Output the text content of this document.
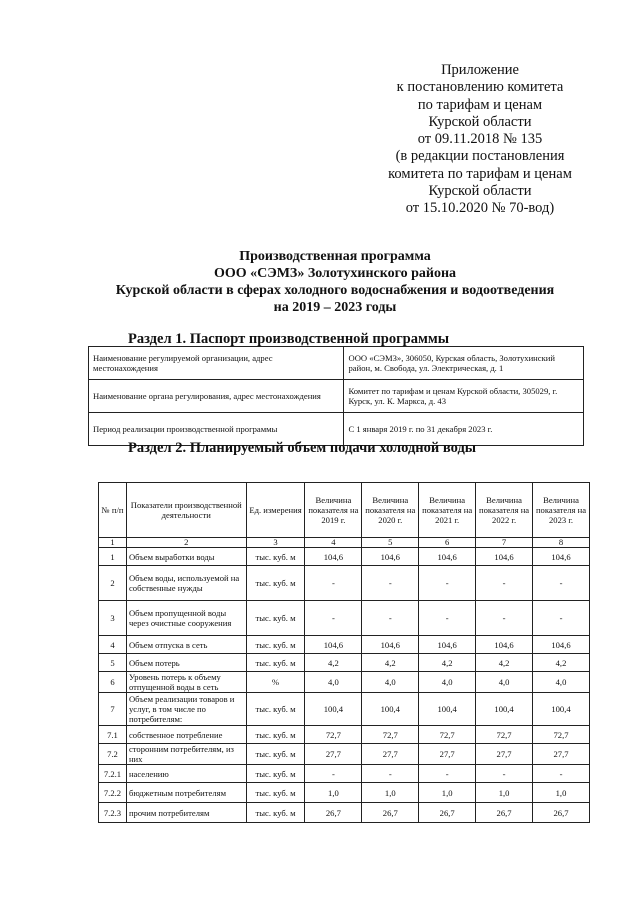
Приложение
к постановлению комитета
по тарифам и ценам
Курской области
от 09.11.2018 № 135
(в редакции постановления
комитета по тарифам и ценам
Курской области
от 15.10.2020 № 70-вод)
Производственная программа
ООО «СЭМЗ» Золотухинского района
Курской области в сферах холодного водоснабжения и водоотведения
на 2019 – 2023 годы
Раздел 1. Паспорт производственной программы
Наименование регулируемой организации, адрес местонахождения	ООО «СЭМЗ», 306050, Курская область, Золотухинский район, м. Свобода, ул. Электрическая, д. 1
Наименование органа регулирования, адрес местонахождения	Комитет по тарифам и ценам Курской области, 305029, г. Курск, ул. К. Маркса, д. 43
Период реализации производственной программы	С 1 января 2019 г. по 31 декабря 2023 г.
Раздел 2. Планируемый объем подачи холодной воды
№ п/п	Показатели производственной деятельности	Ед. измерения	Величина показателя на 2019 г.	Величина показателя на 2020 г.	Величина показателя на 2021 г.	Величина показателя на 2022 г.	Величина показателя на 2023 г.
1	2	3	4	5	6	7	8
1	Объем выработки воды	тыс. куб. м	104,6	104,6	104,6	104,6	104,6
2	Объем воды, используемой на собственные нужды	тыс. куб. м	-	-	-	-	-
3	Объем пропущенной воды через очистные сооружения	тыс. куб. м	-	-	-	-	-
4	Объем отпуска в сеть	тыс. куб. м	104,6	104,6	104,6	104,6	104,6
5	Объем потерь	тыс. куб. м	4,2	4,2	4,2	4,2	4,2
6	Уровень потерь к объему отпущенной воды в сеть	%	4,0	4,0	4,0	4,0	4,0
7	Объем реализации товаров и услуг, в том числе по потребителям:	тыс. куб. м	100,4	100,4	100,4	100,4	100,4
7.1	собственное потребление	тыс. куб. м	72,7	72,7	72,7	72,7	72,7
7.2	сторонним потребителям, из них	тыс. куб. м	27,7	27,7	27,7	27,7	27,7
7.2.1	населению	тыс. куб. м	-	-	-	-	-
7.2.2	бюджетным потребителям	тыс. куб. м	1,0	1,0	1,0	1,0	1,0
7.2.3	прочим потребителям	тыс. куб. м	26,7	26,7	26,7	26,7	26,7
